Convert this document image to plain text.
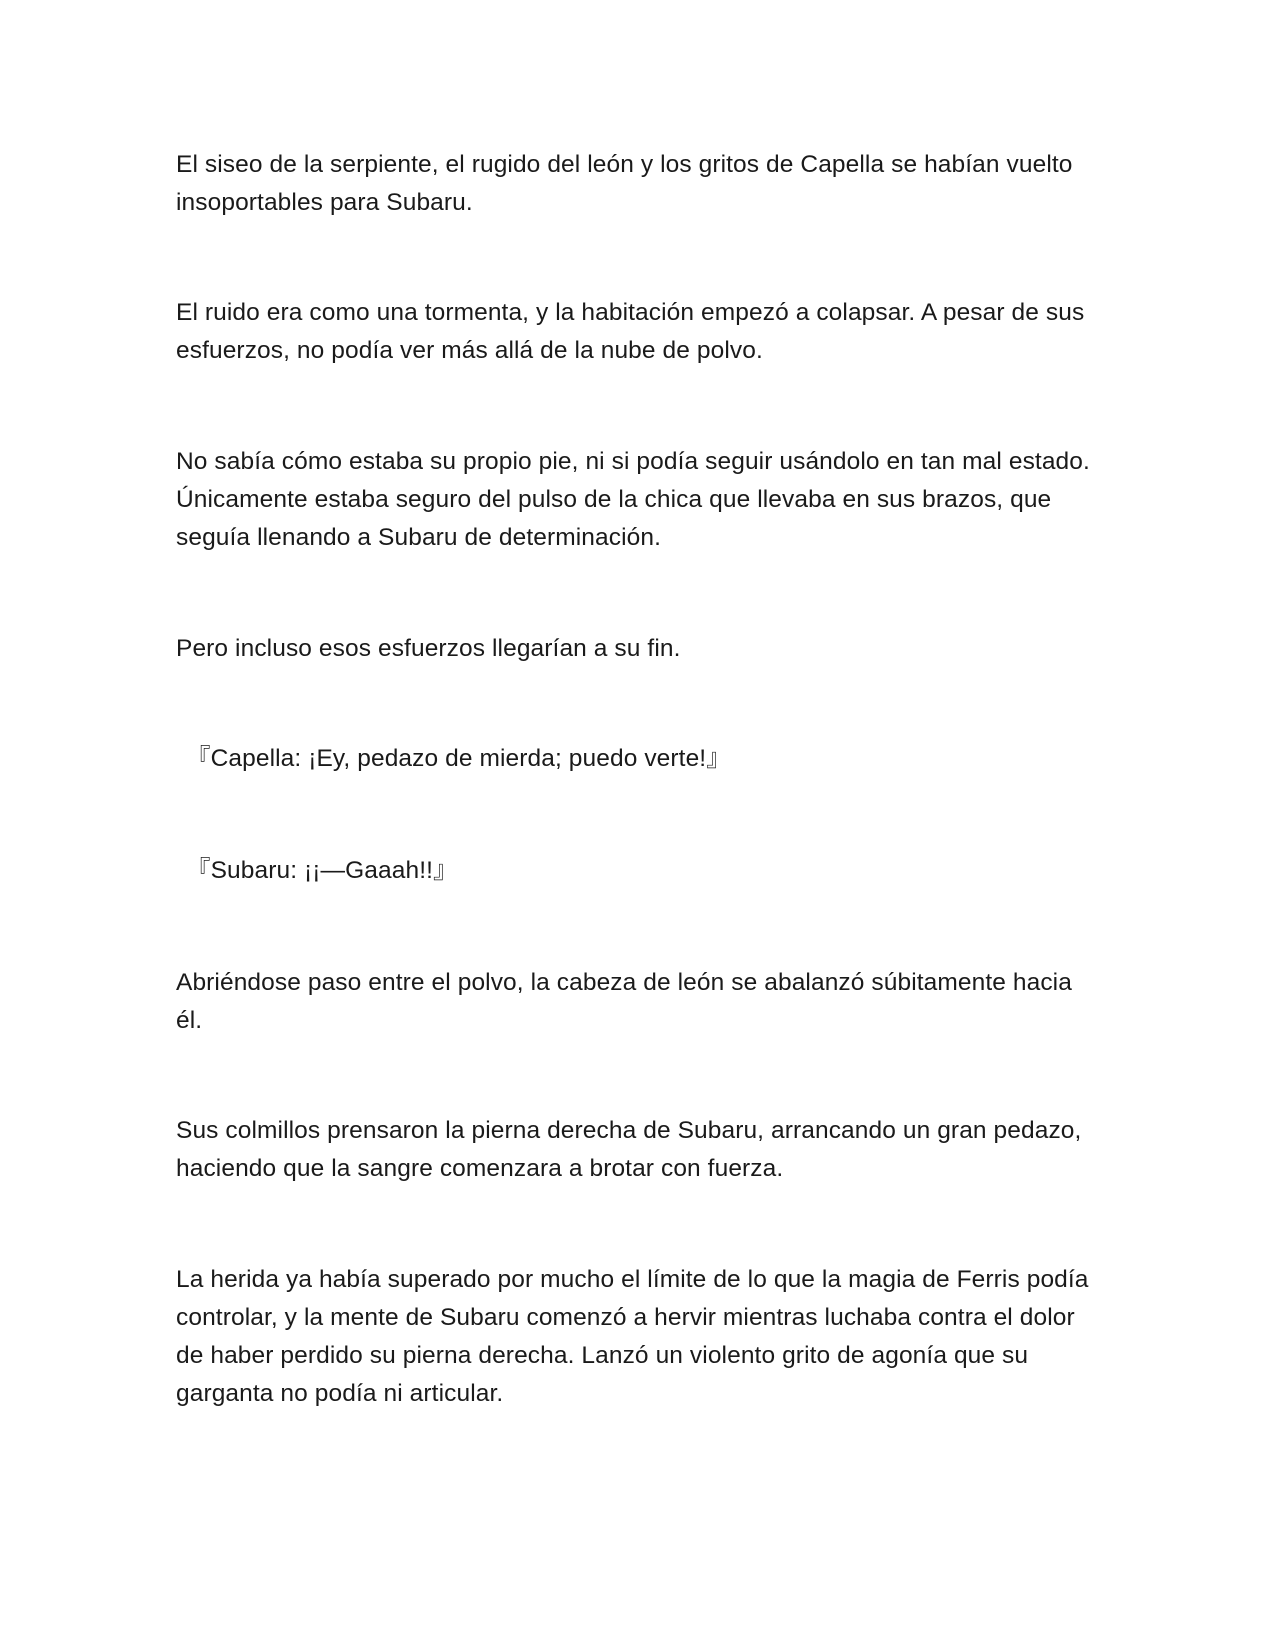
El siseo de la serpiente, el rugido del león y los gritos de Capella se habían vuelto insoportables para Subaru.

El ruido era como una tormenta, y la habitación empezó a colapsar. A pesar de sus esfuerzos, no podía ver más allá de la nube de polvo.

No sabía cómo estaba su propio pie, ni si podía seguir usándolo en tan mal estado. Únicamente estaba seguro del pulso de la chica que llevaba en sus brazos, que seguía llenando a Subaru de determinación.

Pero incluso esos esfuerzos llegarían a su fin.

『Capella: ¡Ey, pedazo de mierda; puedo verte!』

『Subaru: ¡¡—Gaaah!!』

Abriéndose paso entre el polvo, la cabeza de león se abalanzó súbitamente hacia él.

Sus colmillos prensaron la pierna derecha de Subaru, arrancando un gran pedazo, haciendo que la sangre comenzara a brotar con fuerza.

La herida ya había superado por mucho el límite de lo que la magia de Ferris podía controlar, y la mente de Subaru comenzó a hervir mientras luchaba contra el dolor de haber perdido su pierna derecha. Lanzó un violento grito de agonía que su garganta no podía ni articular.
